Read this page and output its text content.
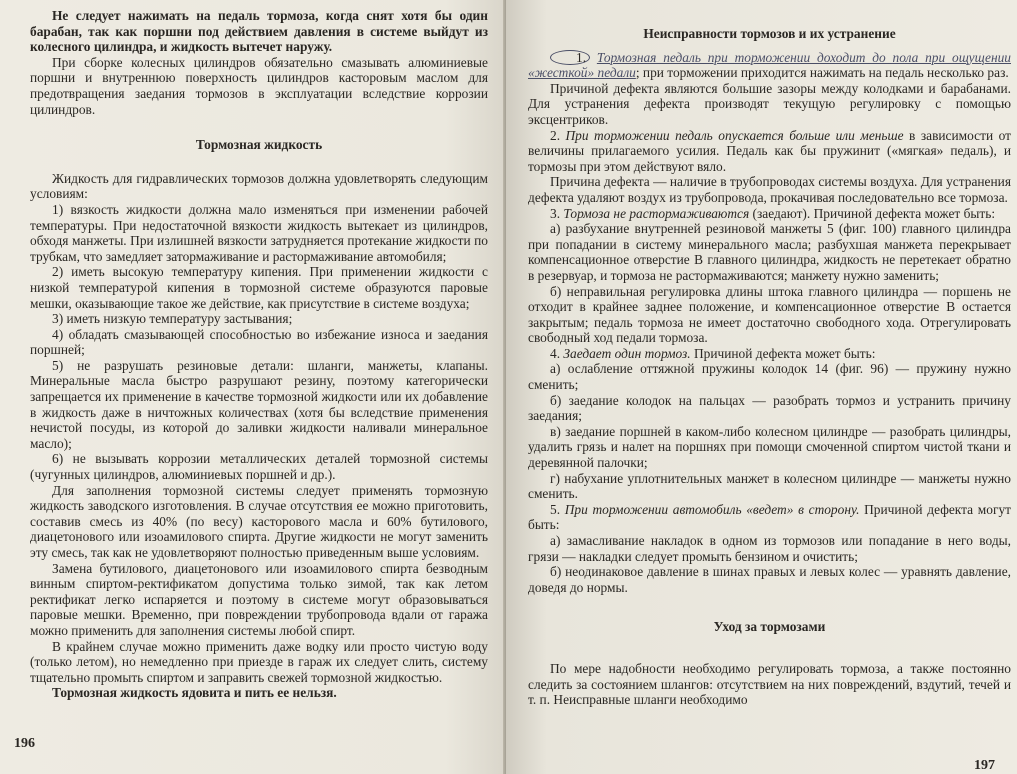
Не следует нажимать на педаль тормоза, когда снят хотя бы один барабан, так как поршни под действием давления в системе выйдут из колесного цилиндра, и жидкость вытечет наружу.

При сборке колесных цилиндров обязательно смазывать алюминиевые поршни и внутреннюю поверхность цилиндров касторовым маслом для предотвращения заедания тормозов в эксплуатации вследствие коррозии цилиндров.

Тормозная жидкость

Жидкость для гидравлических тормозов должна удовлетворять следующим условиям:

1) вязкость жидкости должна мало изменяться при изменении рабочей температуры. При недостаточной вязкости жидкость вытекает из цилиндров, обходя манжеты. При излишней вязкости затрудняется протекание жидкости по трубкам, что замедляет затормаживание и растормаживание автомобиля;

2) иметь высокую температуру кипения. При применении жидкости с низкой температурой кипения в тормозной системе образуются паровые мешки, оказывающие такое же действие, как присутствие в системе воздуха;

3) иметь низкую температуру застывания;

4) обладать смазывающей способностью во избежание износа и заедания поршней;

5) не разрушать резиновые детали: шланги, манжеты, клапаны. Минеральные масла быстро разрушают резину, поэтому категорически запрещается их применение в качестве тормозной жидкости или их добавление в жидкость даже в ничтожных количествах (хотя бы вследствие применения нечистой посуды, из которой до заливки жидкости наливали минеральное масло);

6) не вызывать коррозии металлических деталей тормозной системы (чугунных цилиндров, алюминиевых поршней и др.).

Для заполнения тормозной системы следует применять тормозную жидкость заводского изготовления. В случае отсутствия ее можно приготовить, составив смесь из 40% (по весу) касторового масла и 60% бутилового, диацетонового или изоамилового спирта. Другие жидкости не могут заменить эту смесь, так как не удовлетворяют полностью приведенным выше условиям.

Замена бутилового, диацетонового или изоамилового спирта безводным винным спиртом-ректификатом допустима только зимой, так как летом ректификат легко испаряется и поэтому в системе могут образовываться паровые мешки. Временно, при повреждении трубопровода вдали от гаража можно применить для заполнения системы любой спирт.

В крайнем случае можно применить даже водку или просто чистую воду (только летом), но немедленно при приезде в гараж их следует слить, систему тщательно промыть спиртом и заправить свежей тормозной жидкостью.

Тормозная жидкость ядовита и пить ее нельзя.

196
Неисправности тормозов и их устранение

1. Тормозная педаль при торможении доходит до пола при ощущении «жесткой» педали; при торможении приходится нажимать на педаль несколько раз.

Причиной дефекта являются большие зазоры между колодками и барабанами. Для устранения дефекта производят текущую регулировку с помощью эксцентриков.

2. При торможении педаль опускается больше или меньше в зависимости от величины прилагаемого усилия. Педаль как бы пружинит («мягкая» педаль), и тормозы при этом действуют вяло.

Причина дефекта — наличие в трубопроводах системы воздуха. Для устранения дефекта удаляют воздух из трубопровода, прокачивая последовательно все тормоза.

3. Тормоза не растормаживаются (заедают). Причиной дефекта может быть:

а) разбухание внутренней резиновой манжеты 5 (фиг. 100) главного цилиндра при попадании в систему минерального масла; разбухшая манжета перекрывает компенсационное отверстие В главного цилиндра, жидкость не перетекает обратно в резервуар, и тормоза не растормаживаются; манжету нужно заменить;

б) неправильная регулировка длины штока главного цилиндра — поршень не отходит в крайнее заднее положение, и компенсационное отверстие В остается закрытым; педаль тормоза не имеет достаточно свободного хода. Отрегулировать свободный ход педали тормоза.

4. Заедает один тормоз. Причиной дефекта может быть:

а) ослабление оттяжной пружины колодок 14 (фиг. 96) — пружину нужно сменить;

б) заедание колодок на пальцах — разобрать тормоз и устранить причину заедания;

в) заедание поршней в каком-либо колесном цилиндре — разобрать цилиндры, удалить грязь и налет на поршнях при помощи смоченной спиртом чистой ткани и деревянной палочки;

г) набухание уплотнительных манжет в колесном цилиндре — манжеты нужно сменить.

5. При торможении автомобиль «ведет» в сторону. Причиной дефекта могут быть:

а) замасливание накладок в одном из тормозов или попадание в него воды, грязи — накладки следует промыть бензином и очистить;

б) неодинаковое давление в шинах правых и левых колес — уравнять давление, доведя до нормы.

Уход за тормозами

По мере надобности необходимо регулировать тормоза, а также постоянно следить за состоянием шлангов: отсутствием на них повреждений, вздутий, течей и т. п. Неисправные шланги необходимо

197
